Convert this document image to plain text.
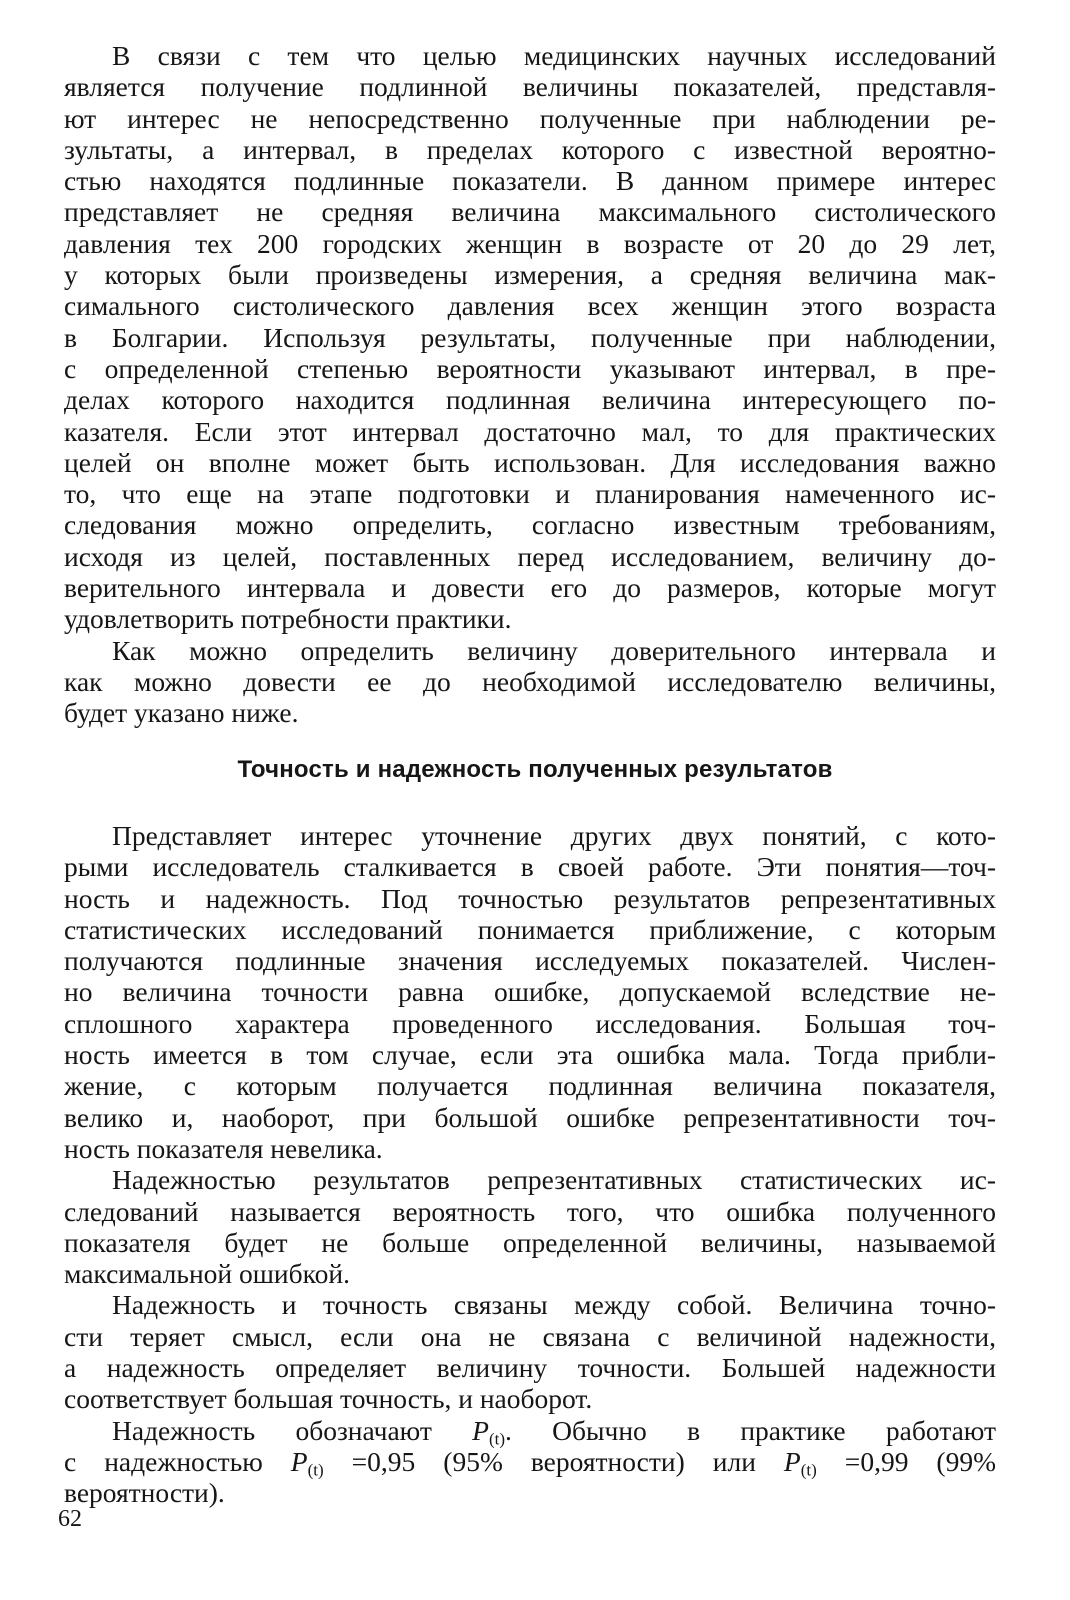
В связи с тем что целью медицинских научных исследований
является получение подлинной величины показателей, представля-
ют интерес не непосредственно полученные при наблюдении ре-
зультаты, а интервал, в пределах которого с известной вероятно-
стью находятся подлинные показатели. В данном примере интерес
представляет не средняя величина максимального систолического
давления тех 200 городских женщин в возрасте от 20 до 29 лет,
у которых были произведены измерения, а средняя величина мак-
симального систолического давления всех женщин этого возраста
в Болгарии. Используя результаты, полученные при наблюдении,
с определенной степенью вероятности указывают интервал, в пре-
делах которого находится подлинная величина интересующего по-
казателя. Если этот интервал достаточно мал, то для практических
целей он вполне может быть использован. Для исследования важно
то, что еще на этапе подготовки и планирования намеченного ис-
следования можно определить, согласно известным требованиям,
исходя из целей, поставленных перед исследованием, величину до-
верительного интервала и довести его до размеров, которые могут
удовлетворить потребности практики.
Как можно определить величину доверительного интервала и
как можно довести ее до необходимой исследователю величины,
будет указано ниже.
Точность и надежность полученных результатов
Представляет интерес уточнение других двух понятий, с кото-
рыми исследователь сталкивается в своей работе. Эти понятия—точ-
ность и надежность. Под точностью результатов репрезентативных
статистических исследований понимается приближение, с которым
получаются подлинные значения исследуемых показателей. Числен-
но величина точности равна ошибке, допускаемой вследствие не-
сплошного характера проведенного исследования. Большая точ-
ность имеется в том случае, если эта ошибка мала. Тогда прибли-
жение, с которым получается подлинная величина показателя,
велико и, наоборот, при большой ошибке репрезентативности точ-
ность показателя невелика.
Надежностью результатов репрезентативных статистических ис-
следований называется вероятность того, что ошибка полученного
показателя будет не больше определенной величины, называемой
максимальной ошибкой.
Надежность и точность связаны между собой. Величина точно-
сти теряет смысл, если она не связана с величиной надежности,
а надежность определяет величину точности. Большей надежности
соответствует большая точность, и наоборот.
Надежность обозначают $P_{(t)}$. Обычно в практике работают
с надежностью $P_{(t)} =0,95$ (95% вероятности) или $P_{(t)} =0,99$ (99%
вероятности).
62
